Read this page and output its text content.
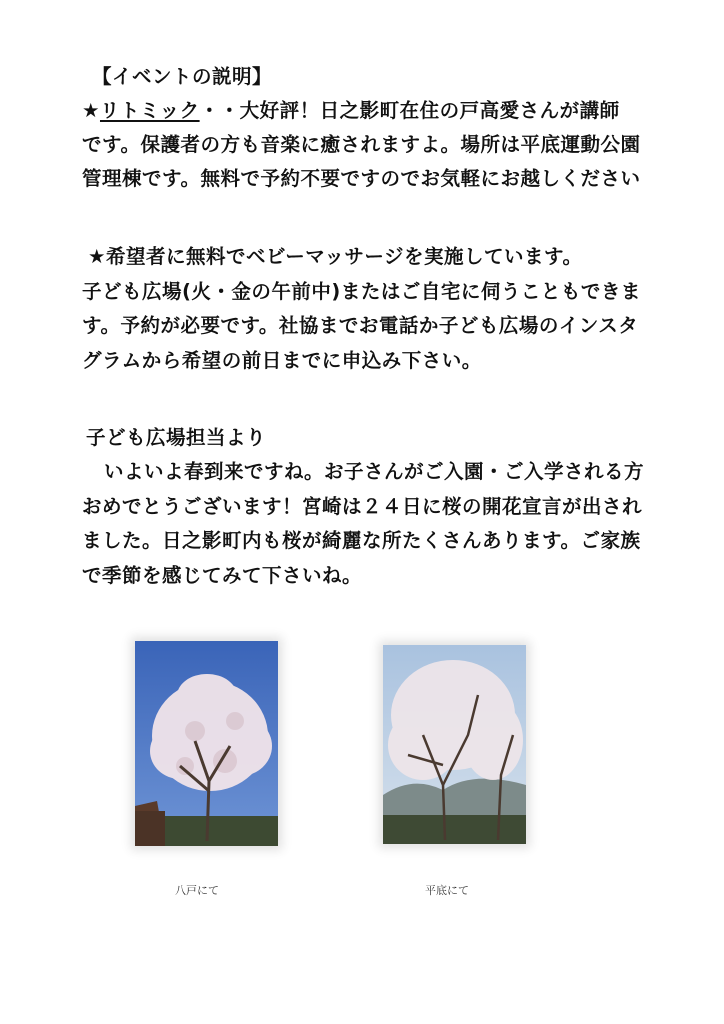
【イベントの説明】
★リトミック・・大好評！日之影町在住の戸高愛さんが講師
です。保護者の方も音楽に癒されますよ。場所は平底運動公園
管理棟です。無料で予約不要ですのでお気軽にお越しください
★希望者に無料でベビーマッサージを実施しています。
子ども広場(火・金の午前中)またはご自宅に伺うこともできま
す。予約が必要です。社協までお電話か子ども広場のインスタ
グラムから希望の前日までに申込み下さい。
子ども広場担当より
いよいよ春到来ですね。お子さんがご入園・ご入学される方
おめでとうございます！宮崎は２４日に桜の開花宣言が出され
ました。日之影町内も桜が綺麗な所たくさんあります。ご家族
で季節を感じてみて下さいね。
八戸にて	平底にて
